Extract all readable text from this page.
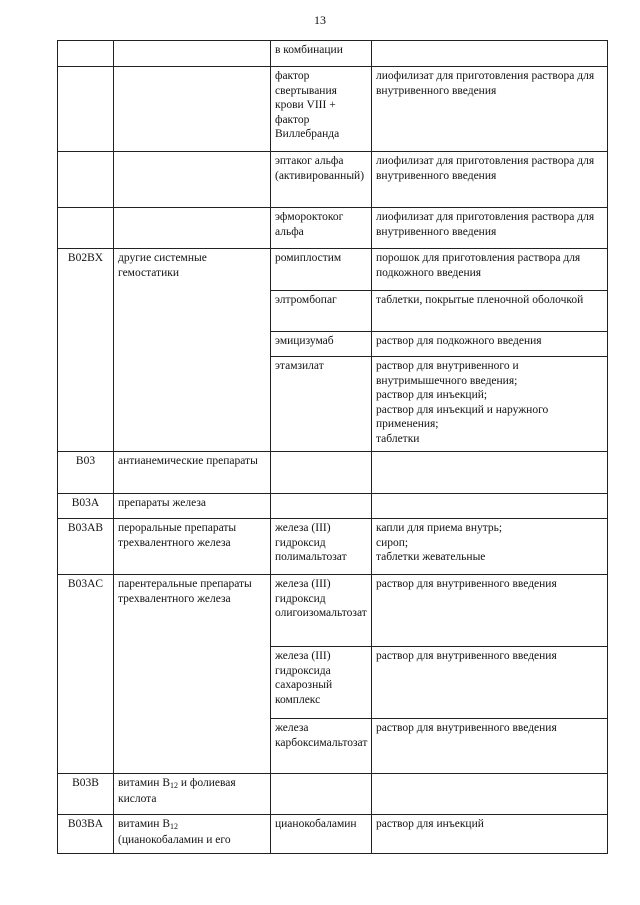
13
		в комбинации	
		фактор свертывания крови VIII + фактор Виллебранда	лиофилизат для приготовления раствора для внутривенного введения
		эптаког альфа (активированный)	лиофилизат для приготовления раствора для внутривенного введения
		эфмороктоког альфа	лиофилизат для приготовления раствора для внутривенного введения
B02BX	другие системные гемостатики	ромиплостим	порошок для приготовления раствора для подкожного введения
		элтромбопаг	таблетки, покрытые пленочной оболочкой
		эмицизумаб	раствор для подкожного введения
		этамзилат	раствор для внутривенного и внутримышечного введения;
раствор для инъекций;
раствор для инъекций и наружного применения;
таблетки

B03	антианемические препараты		
B03A	препараты железа		
B03AB	пероральные препараты трехвалентного железа	железа (III) гидроксид полимальтозат	капли для приема внутрь;
сироп;
таблетки жевательные

B03AC	парентеральные препараты трехвалентного железа	железа (III) гидроксид олигоизомальтозат	раствор для внутривенного введения
		железа (III) гидроксида сахарозный комплекс	раствор для внутривенного введения
		железа карбоксимальтозат	раствор для внутривенного введения
B03B	витамин B12 и фолиевая кислота		
B03BA	витамин B12 (цианокобаламин и его	цианокобаламин	раствор для инъекций
